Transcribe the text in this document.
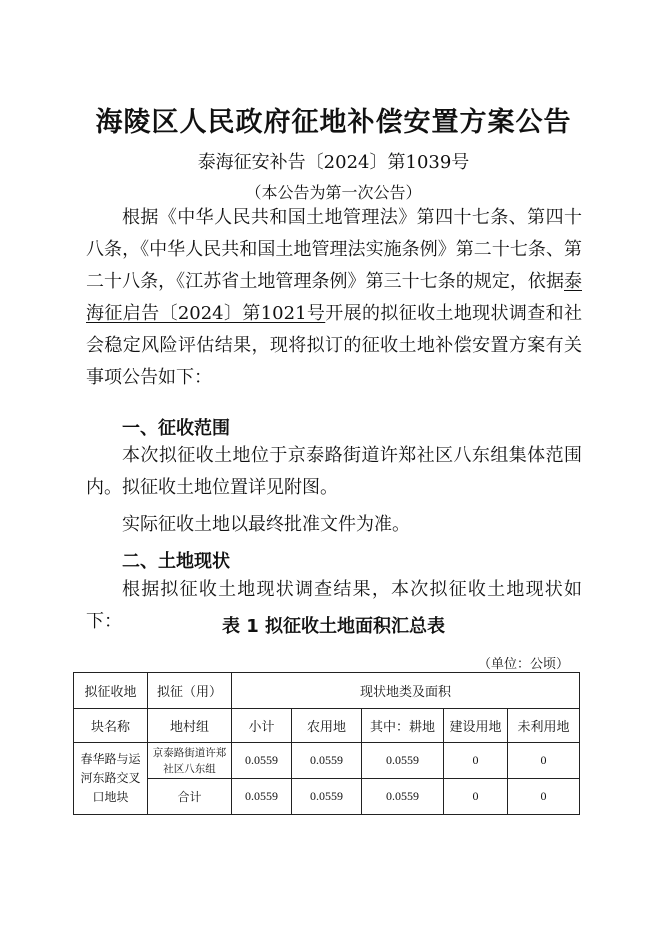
海陵区人民政府征地补偿安置方案公告
泰海征安补告〔2024〕第1039号
（本公告为第一次公告）
根据《中华人民共和国土地管理法》第四十七条、第四十八条，《中华人民共和国土地管理法实施条例》第二十七条、第二十八条，《江苏省土地管理条例》第三十七条的规定，依据泰海征启告〔2024〕第1021号开展的拟征收土地现状调查和社会稳定风险评估结果，现将拟订的征收土地补偿安置方案有关事项公告如下：
一、征收范围
本次拟征收土地位于京泰路街道许郑社区八东组集体范围内。拟征收土地位置详见附图。
实际征收土地以最终批准文件为准。
二、土地现状
根据拟征收土地现状调查结果，本次拟征收土地现状如下：	表 1 拟征收土地面积汇总表
（单位：公顷）
拟征收地	拟征（用）	现状地类及面积				
块名称	地村组	小计	农用地	其中：耕地	建设用地	未利用地
春华路与运河东路交叉口地块	京泰路街道许郑社区八东组	0.0559	0.0559	0.0559	0	0
	合计	0.0559	0.0559	0.0559	0	0
